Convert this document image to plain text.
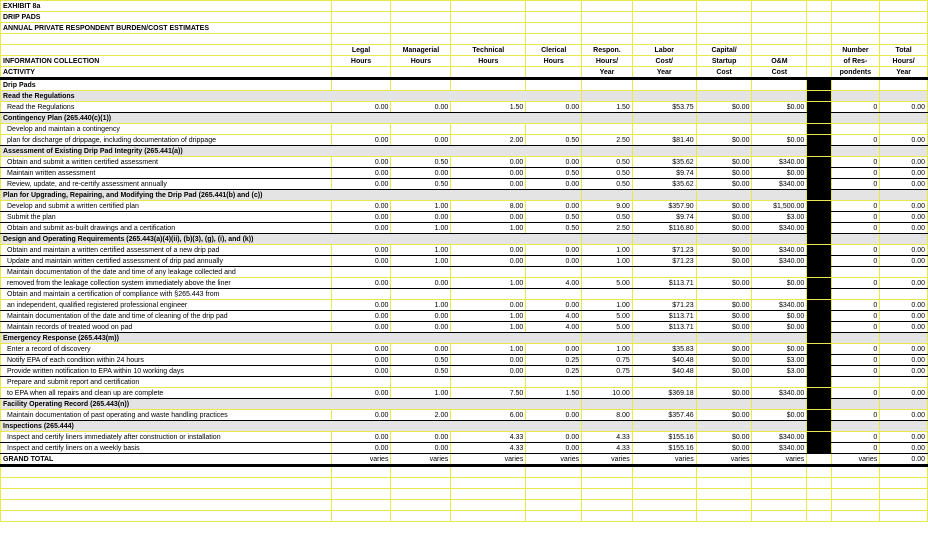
EXHIBIT 8a											
DRIP PADS											
ANNUAL PRIVATE RESPONDENT BURDEN/COST ESTIMATES											

	Legal	Managerial	Technical	Clerical	Respon.	Labor	Capital/			Number	Total
INFORMATION COLLECTION	Hours	Hours	Hours	Hours	Hours/	Cost/	Startup	O&M		of Res-	Hours/
ACTIVITY					Year	Year	Cost	Cost		pondents	Year
Drip Pads											
Read the Regulations											
Read the Regulations	0.00	0.00	1.50	0.00	1.50	$53.75	$0.00	$0.00		0	0.00
Contingency Plan (265.440(c)(1))											
Develop and maintain a contingency											
plan for discharge of drippage, including documentation of drippage	0.00	0.00	2.00	0.50	2.50	$81.40	$0.00	$0.00		0	0.00
Assessment of Existing Drip Pad Integrity (265.441(a))											
Obtain and submit a written certified assessment	0.00	0.50	0.00	0.00	0.50	$35.62	$0.00	$340.00		0	0.00
Maintain written assessment	0.00	0.00	0.00	0.50	0.50	$9.74	$0.00	$0.00		0	0.00
Review, update, and re-certify assessment annually	0.00	0.50	0.00	0.00	0.50	$35.62	$0.00	$340.00		0	0.00
Plan for Upgrading, Repairing, and Modifying the Drip Pad (265.441(b) and (c))											
Develop and submit a written certified plan	0.00	1.00	8.00	0.00	9.00	$357.90	$0.00	$1,500.00		0	0.00
Submit the plan	0.00	0.00	0.00	0.50	0.50	$9.74	$0.00	$3.00		0	0.00
Obtain and submit as-built drawings and a certification	0.00	1.00	1.00	0.50	2.50	$116.80	$0.00	$340.00		0	0.00
Design and Operating Requirements (265.443(a)(4)(ii), (b)(3), (g), (i), and (k))											
Obtain and maintain a written certified assessment of a new drip pad	0.00	1.00	0.00	0.00	1.00	$71.23	$0.00	$340.00		0	0.00
Update and maintain written certified assessment of drip pad annually	0.00	1.00	0.00	0.00	1.00	$71.23	$0.00	$340.00		0	0.00
Maintain documentation of the date and time of any leakage collected and											
removed from the leakage collection system immediately above the liner	0.00	0.00	1.00	4.00	5.00	$113.71	$0.00	$0.00		0	0.00
Obtain and maintain a certification of compliance with §265.443 from											
an independent, qualified registered professional engineer	0.00	1.00	0.00	0.00	1.00	$71.23	$0.00	$340.00		0	0.00
Maintain documentation of the date and time of cleaning of the drip pad	0.00	0.00	1.00	4.00	5.00	$113.71	$0.00	$0.00		0	0.00
Maintain records of treated wood on pad	0.00	0.00	1.00	4.00	5.00	$113.71	$0.00	$0.00		0	0.00
Emergency Response (265.443(m))											
Enter a record of discovery	0.00	0.00	1.00	0.00	1.00	$35.83	$0.00	$0.00		0	0.00
Notify EPA of each condition within 24 hours	0.00	0.50	0.00	0.25	0.75	$40.48	$0.00	$3.00		0	0.00
Provide written notification to EPA within 10 working days	0.00	0.50	0.00	0.25	0.75	$40.48	$0.00	$3.00		0	0.00
Prepare and submit report and certification											
to EPA when all repairs and clean up are complete	0.00	1.00	7.50	1.50	10.00	$369.18	$0.00	$340.00		0	0.00
Facility Operating Record (265.443(n))											
Maintain documentation of past operating and waste handling practices	0.00	2.00	6.00	0.00	8.00	$357.46	$0.00	$0.00		0	0.00
Inspections (265.444)											
Inspect and certify liners immediately after construction or installation	0.00	0.00	4.33	0.00	4.33	$155.16	$0.00	$340.00		0	0.00
Inspect and certify liners on a weekly basis	0.00	0.00	4.33	0.00	4.33	$155.16	$0.00	$340.00		0	0.00
GRAND TOTAL	varies	varies	varies	varies	varies	varies	varies	varies		varies	0.00
